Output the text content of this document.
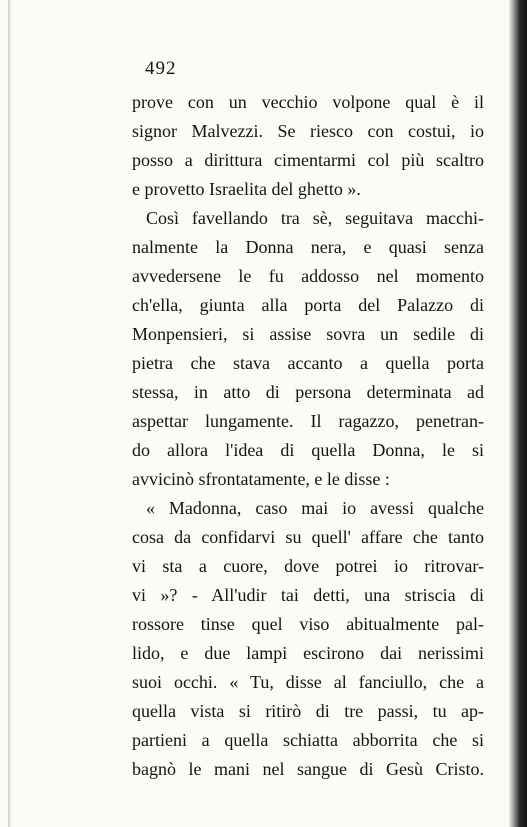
492
prove con un vecchio volpone qual è il
signor Malvezzi. Se riesco con costui, io
posso a dirittura cimentarmi col più scaltro
e provetto Israelita del ghetto ».
Così favellando tra sè, seguitava macchi-
nalmente la Donna nera, e quasi senza
avvedersene le fu addosso nel momento
ch'ella, giunta alla porta del Palazzo di
Monpensieri, si assise sovra un sedile di
pietra che stava accanto a quella porta
stessa, in atto di persona determinata ad
aspettar lungamente. Il ragazzo, penetran-
do allora l'idea di quella Donna, le si
avvicinò sfrontatamente, e le disse :
« Madonna, caso mai io avessi qualche
cosa da confidarvi su quell' affare che tanto
vi sta a cuore, dove potrei io ritrovar-
vi »? - All'udir tai detti, una striscia di
rossore tinse quel viso abitualmente pal-
lido, e due lampi escirono dai nerissimi
suoi occhi. « Tu, disse al fanciullo, che a
quella vista si ritirò di tre passi, tu ap-
partieni a quella schiatta abborrita che si
bagnò le mani nel sangue di Gesù Cristo.
